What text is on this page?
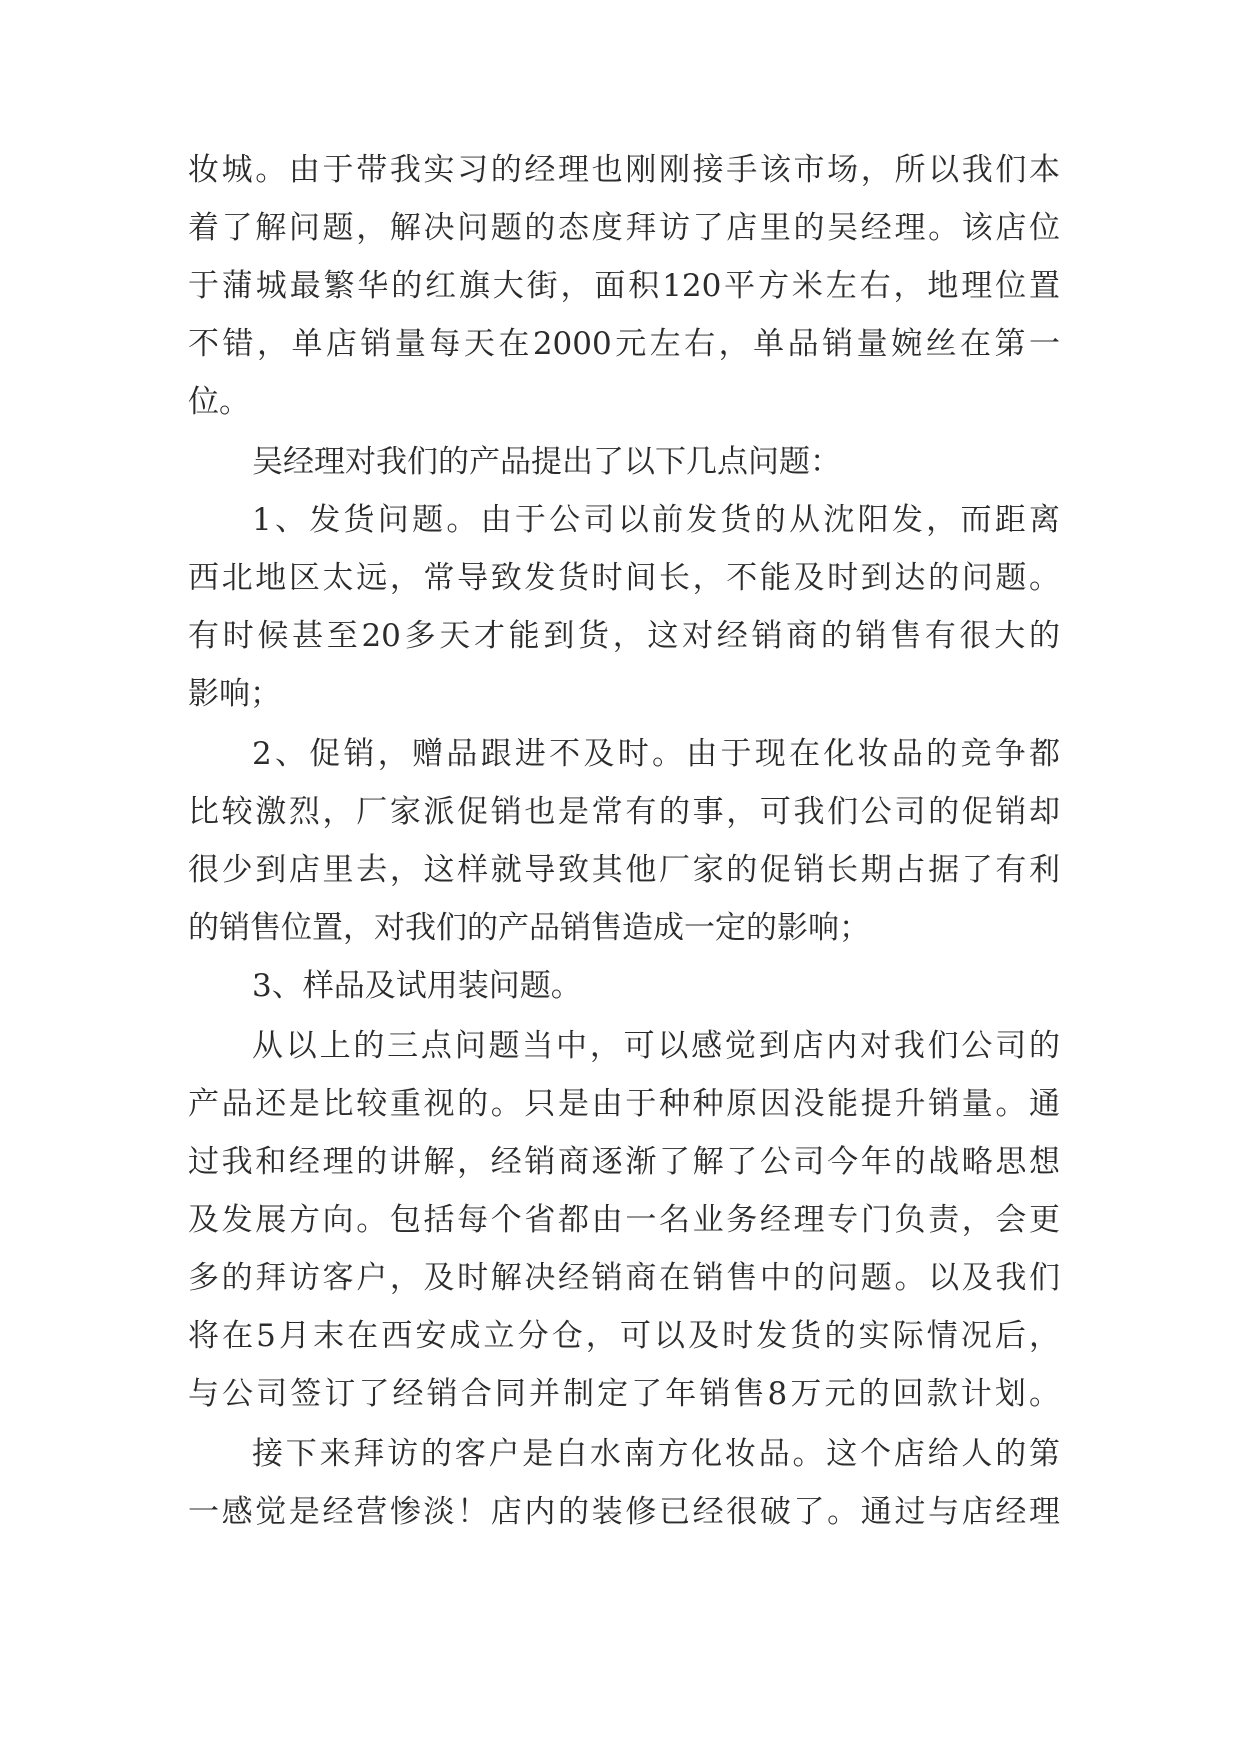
妆城。由于带我实习的经理也刚刚接手该市场，所以我们本
着了解问题，解决问题的态度拜访了店里的吴经理。该店位
于蒲城最繁华的红旗大街，面积120平方米左右，地理位置
不错，单店销量每天在2000元左右，单品销量婉丝在第一
位。
吴经理对我们的产品提出了以下几点问题：
1、发货问题。由于公司以前发货的从沈阳发，而距离
西北地区太远，常导致发货时间长，不能及时到达的问题。
有时候甚至20多天才能到货，这对经销商的销售有很大的
影响；
2、促销，赠品跟进不及时。由于现在化妆品的竞争都
比较激烈，厂家派促销也是常有的事，可我们公司的促销却
很少到店里去，这样就导致其他厂家的促销长期占据了有利
的销售位置，对我们的产品销售造成一定的影响；
3、样品及试用装问题。
从以上的三点问题当中，可以感觉到店内对我们公司的
产品还是比较重视的。只是由于种种原因没能提升销量。通
过我和经理的讲解，经销商逐渐了解了公司今年的战略思想
及发展方向。包括每个省都由一名业务经理专门负责，会更
多的拜访客户，及时解决经销商在销售中的问题。以及我们
将在5月末在西安成立分仓，可以及时发货的实际情况后，
与公司签订了经销合同并制定了年销售8万元的回款计划。
接下来拜访的客户是白水南方化妆品。这个店给人的第
一感觉是经营惨淡！店内的装修已经很破了。通过与店经理
